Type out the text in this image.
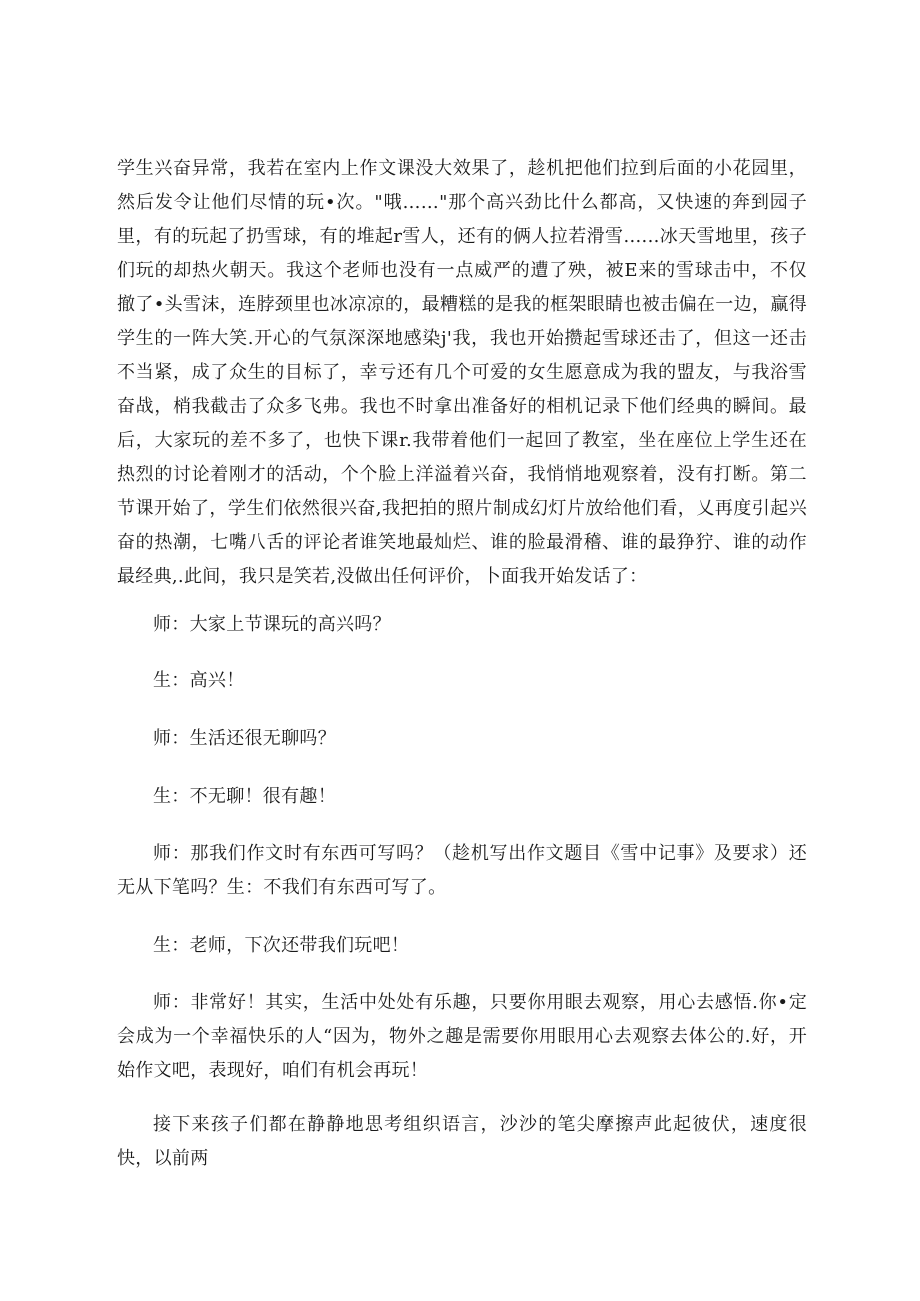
学生兴奋异常，我若在室内上作文课没大效果了，趁机把他们拉到后面的小花园里，然后发令让他们尽情的玩•次。"哦……"那个高兴劲比什么都高，又快速的奔到园子里，有的玩起了扔雪球，有的堆起r雪人，还有的俩人拉若滑雪......冰天雪地里，孩子们玩的却热火朝天。我这个老师也没有一点威严的遭了殃，被E来的雪球击中，不仅撤了•头雪沫，连脖颈里也冰凉凉的，最糟糕的是我的框架眼睛也被击偏在一边，赢得学生的一阵大笑.开心的气氛深深地感染j'我，我也开始攒起雪球还击了，但这一还击不当紧，成了众生的目标了，幸亏还有几个可爱的女生愿意成为我的盟友，与我浴雪奋战，梢我截击了众多飞弗。我也不时拿出准备好的相机记录下他们经典的瞬间。最后，大家玩的差不多了，也快下课r.我带着他们一起回了教室，坐在座位上学生还在热烈的讨论着刚才的活动，个个脸上洋溢着兴奋，我悄悄地观察着，没有打断。第二节课开始了，学生们依然很兴奋,我把拍的照片制成幻灯片放给他们看，乂再度引起兴奋的热潮，七嘴八舌的评论者谁笑地最灿烂、谁的脸最滑稽、谁的最狰狞、谁的动作最经典,.此间，我只是笑若,没做出任何评价，卜面我开始发话了：

师：大家上节课玩的高兴吗？

生：高兴！

师：生活还很无聊吗？

生：不无聊！很有趣！

师：那我们作文时有东西可写吗？（趁机写出作文题目《雪中记事》及要求）还无从下笔吗？生：不我们有东西可写了。

生：老师，下次还带我们玩吧！

师：非常好！其实，生活中处处有乐趣，只要你用眼去观察，用心去感悟.你•定会成为一个幸福快乐的人“因为，物外之趣是需要你用眼用心去观察去体公的.好，开始作文吧，表现好，咱们有机会再玩！

接下来孩子们都在静静地思考组织语言，沙沙的笔尖摩擦声此起彼伏，速度很快，以前两
